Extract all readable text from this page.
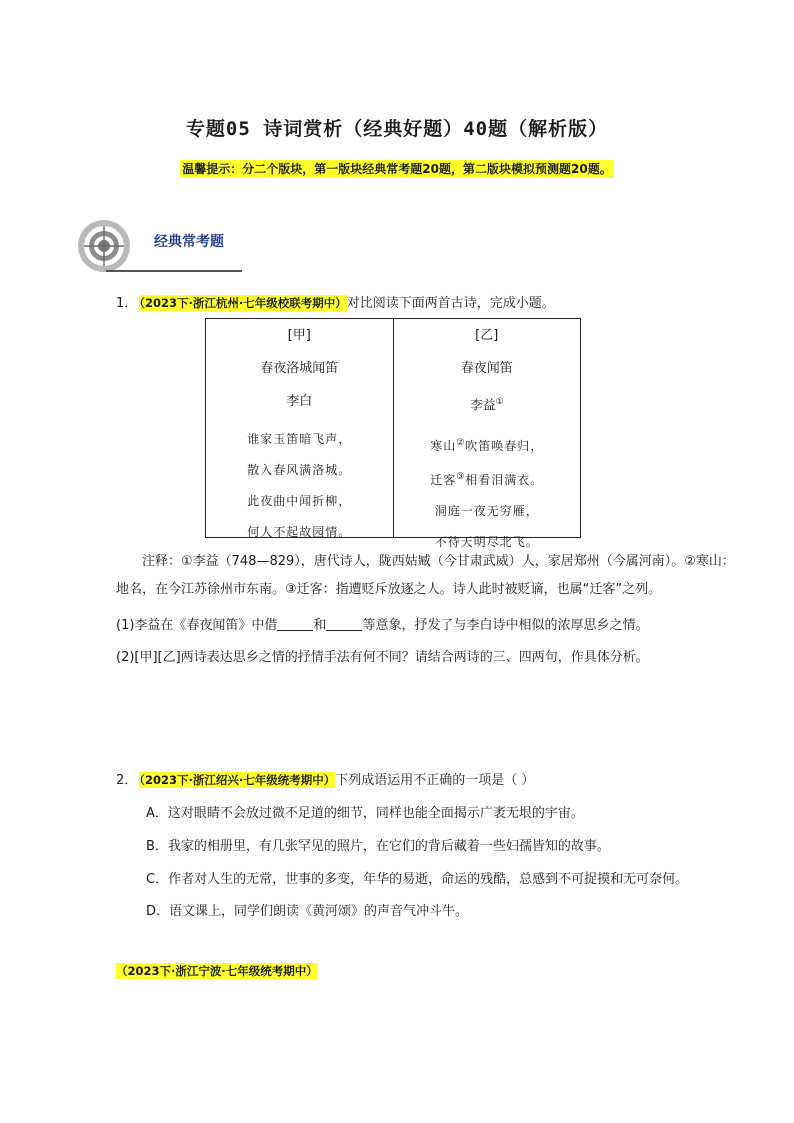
专题05 诗词赏析（经典好题）40题（解析版）
温馨提示：分二个版块，第一版块经典常考题20题，第二版块模拟预测题20题。
经典常考题
1． （2023下·浙江杭州·七年级校联考期中）对比阅读下面两首古诗，完成小题。
[甲]
春夜洛城闻笛
李白
谁家玉笛暗飞声，
散入春风满洛城。
此夜曲中闻折柳，
何人不起故园情。
[乙]
春夜闻笛
李益①
寒山②吹笛唤春归，
迁客③相看泪满衣。
洞庭一夜无穷雁，
不待天明尽北飞。
注释：①李益（748—829），唐代诗人，陇西姑臧（今甘肃武威）人，家居郑州（今属河南）。②寒山：
地名，在今江苏徐州市东南。③迁客：指遭贬斥放逐之人。诗人此时被贬谪，也属“迁客”之列。
(1)李益在《春夜闻笛》中借	和	等意象，抒发了与李白诗中相似的浓厚思乡之情。
(2)[甲][乙]两诗表达思乡之情的抒情手法有何不同？请结合两诗的三、四两句，作具体分析。
2． （2023下·浙江绍兴·七年级统考期中）下列成语运用不正确的一项是（ ）
A．这对眼睛不会放过微不足道的细节，同样也能全面揭示广袤无垠的宇宙。
B．我家的相册里，有几张罕见的照片，在它们的背后藏着一些妇孺皆知的故事。
C．作者对人生的无常，世事的多变，年华的易逝，命运的残酷，总感到不可捉摸和无可奈何。
D．语文课上，同学们朗读《黄河颂》的声音气冲斗牛。
（2023下·浙江宁波·七年级统考期中）
